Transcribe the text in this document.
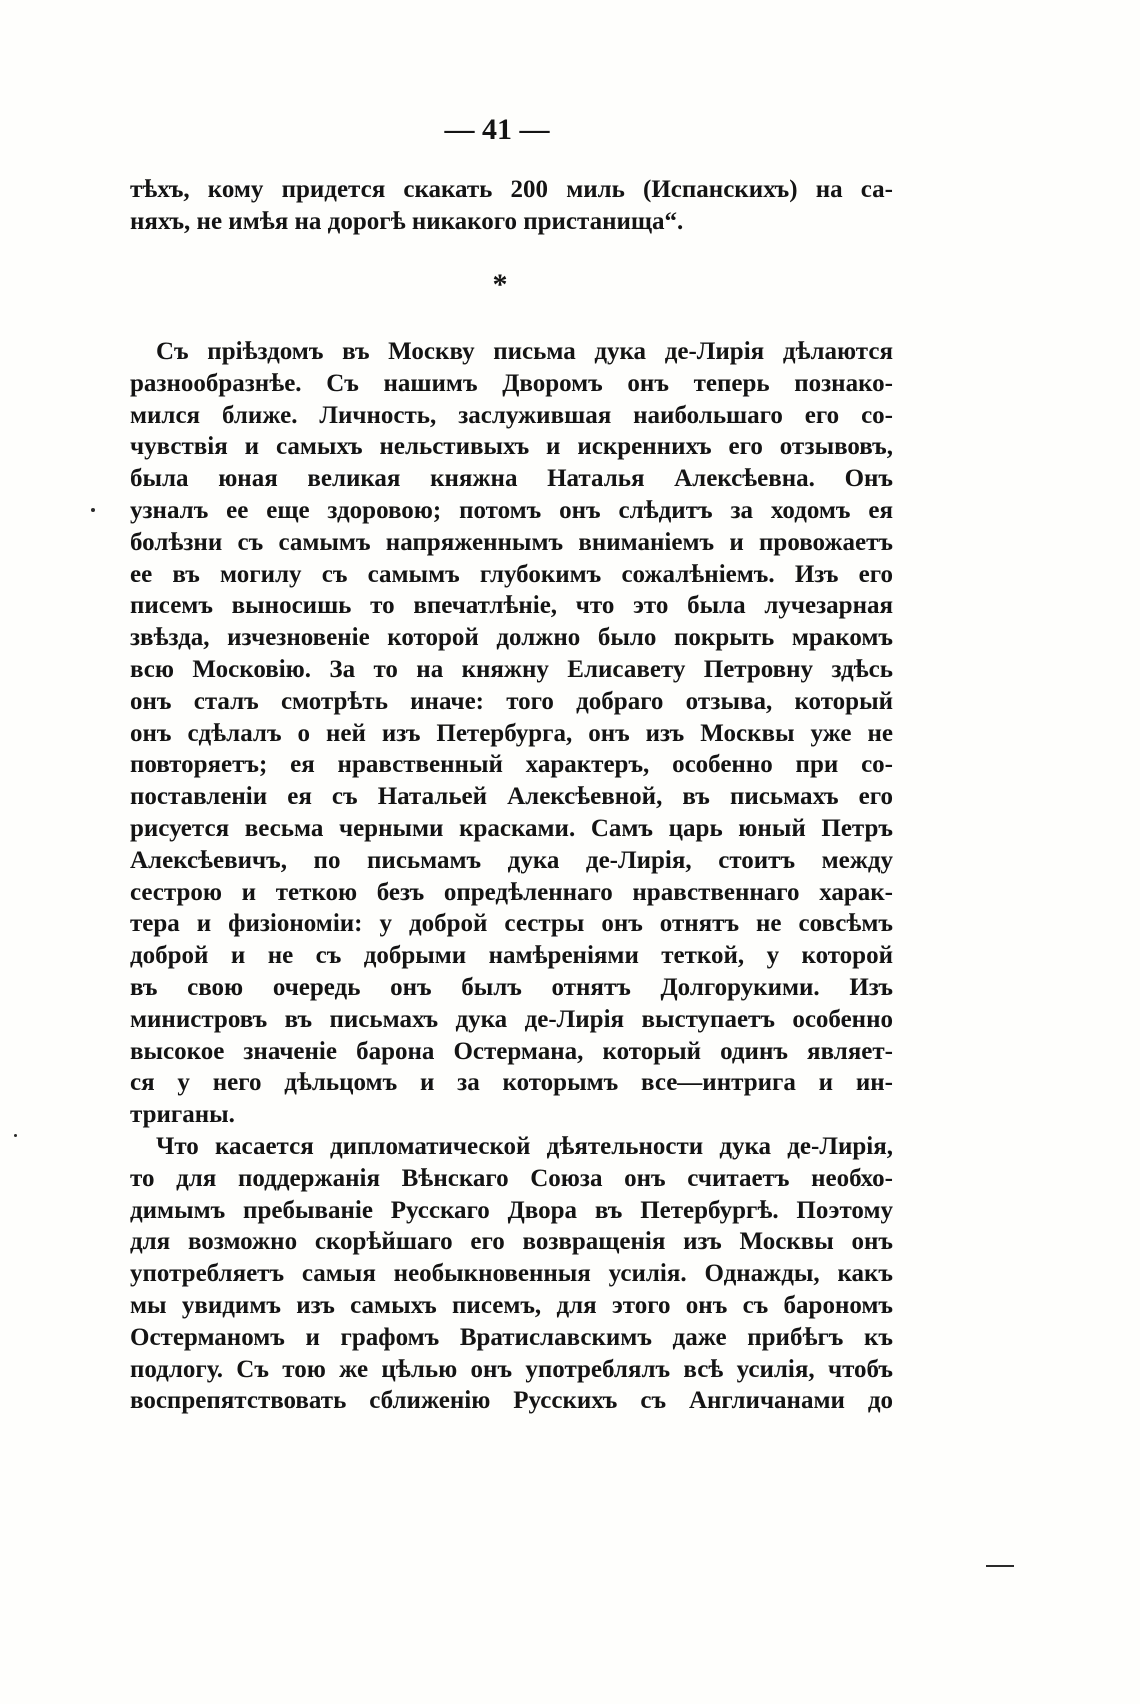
— 41 —
тѣхъ, кому придется скакать 200 миль (Испанскихъ) на са-
няхъ, не имѣя на дорогѣ никакого пристанища“.
*
Съ пріѣздомъ въ Москву письма дука де-Лирія дѣлаются
разнообразнѣе. Съ нашимъ Дворомъ онъ теперь познако-
мился ближе. Личность, заслужившая наибольшаго его со-
чувствія и самыхъ нельстивыхъ и искреннихъ его отзывовъ,
была юная великая княжна Наталья Алексѣевна. Онъ
узналъ ее еще здоровою; потомъ онъ слѣдитъ за ходомъ ея
болѣзни съ самымъ напряженнымъ вниманіемъ и провожаетъ
ее въ могилу съ самымъ глубокимъ сожалѣніемъ. Изъ его
писемъ выносишь то впечатлѣніе, что это была лучезарная
звѣзда, изчезновеніе которой должно было покрыть мракомъ
всю Московію. За то на княжну Елисавету Петровну здѣсь
онъ сталъ смотрѣть иначе: того добраго отзыва, который
онъ сдѣлалъ о ней изъ Петербурга, онъ изъ Москвы уже не
повторяетъ; ея нравственный характеръ, особенно при со-
поставленіи ея съ Натальей Алексѣевной, въ письмахъ его
рисуется весьма черными красками. Самъ царь юный Петръ
Алексѣевичъ, по письмамъ дука де-Лирія, стоитъ между
сестрою и теткою безъ опредѣленнаго нравственнаго харак-
тера и физіономіи: у доброй сестры онъ отнятъ не совсѣмъ
доброй и не съ добрыми намѣреніями теткой, у которой
въ свою очередь онъ былъ отнятъ Долгорукими. Изъ
министровъ въ письмахъ дука де-Лирія выступаетъ особенно
высокое значеніе барона Остермана, который одинъ являет-
ся у него дѣльцомъ и за которымъ все—интрига и ин-
триганы.
Что касается дипломатической дѣятельности дука де-Лирія,
то для поддержанія Вѣнскаго Союза онъ считаетъ необхо-
димымъ пребываніе Русскаго Двора въ Петербургѣ. Поэтому
для возможно скорѣйшаго его возвращенія изъ Москвы онъ
употребляетъ самыя необыкновенныя усилія. Однажды, какъ
мы увидимъ изъ самыхъ писемъ, для этого онъ съ барономъ
Остерманомъ и графомъ Вратиславскимъ даже прибѣгъ къ
подлогу. Съ тою же цѣлью онъ употреблялъ всѣ усилія, чтобъ
воспрепятствовать сближенію Русскихъ съ Англичанами до
